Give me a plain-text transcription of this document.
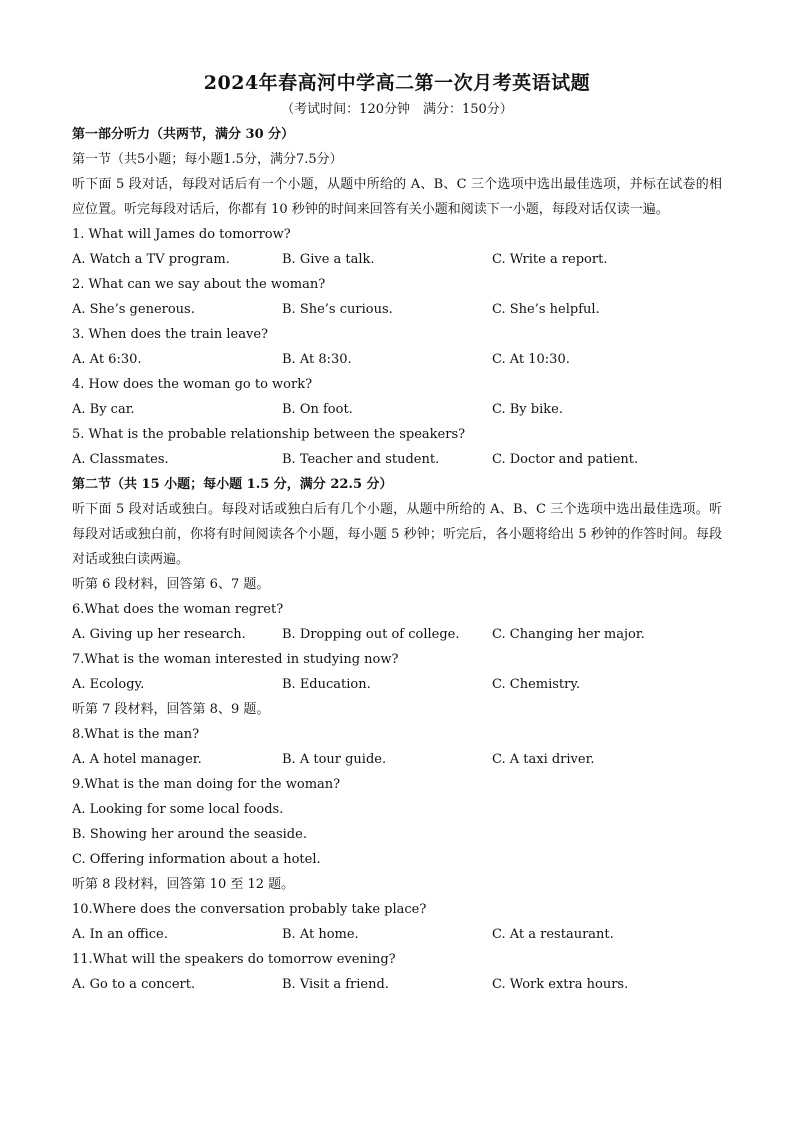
2024年春高河中学高二第一次月考英语试题
（考试时间：120分钟　满分：150分）
第一部分听力（共两节，满分 30 分）
第一节（共5小题；每小题1.5分，满分7.5分）

听下面 5 段对话，每段对话后有一个小题，从题中所给的 A、B、C 三个选项中选出最佳选项，并标在试卷的相应位置。听完每段对话后，你都有 10 秒钟的时间来回答有关小题和阅读下一小题，每段对话仅读一遍。

1. What will James do tomorrow?
A. Watch a TV program.	B. Give a talk.	C. Write a report.
2. What can we say about the woman?
A. She’s generous.	B. She’s curious.	C. She’s helpful.
3. When does the train leave?
A. At 6:30.	B. At 8:30.	C. At 10:30.
4. How does the woman go to work?
A. By car.	B. On foot.	C. By bike.
5. What is the probable relationship between the speakers?
A. Classmates.	B. Teacher and student.	C. Doctor and patient.
第二节（共 15 小题；每小题 1.5 分，满分 22.5 分）

听下面 5 段对话或独白。每段对话或独白后有几个小题，从题中所给的 A、B、C 三个选项中选出最佳选项。听每段对话或独白前，你将有时间阅读各个小题，每小题 5 秒钟；听完后，各小题将给出 5 秒钟的作答时间。每段对话或独白读两遍。

听第 6 段材料，回答第 6、7 题。
6.What does the woman regret?
A. Giving up her research.	B. Dropping out of college.	C. Changing her major.
7.What is the woman interested in studying now?
A. Ecology.	B. Education.	C. Chemistry.
听第 7 段材料，回答第 8、9 题。
8.What is the man?
A. A hotel manager.	B. A tour guide.	C. A taxi driver.
9.What is the man doing for the woman?
A. Looking for some local foods.
B. Showing her around the seaside.
C. Offering information about a hotel.
听第 8 段材料，回答第 10 至 12 题。
10.Where does the conversation probably take place?
A. In an office.	B. At home.	C. At a restaurant.
11.What will the speakers do tomorrow evening?
A. Go to a concert.	B. Visit a friend.	C. Work extra hours.
